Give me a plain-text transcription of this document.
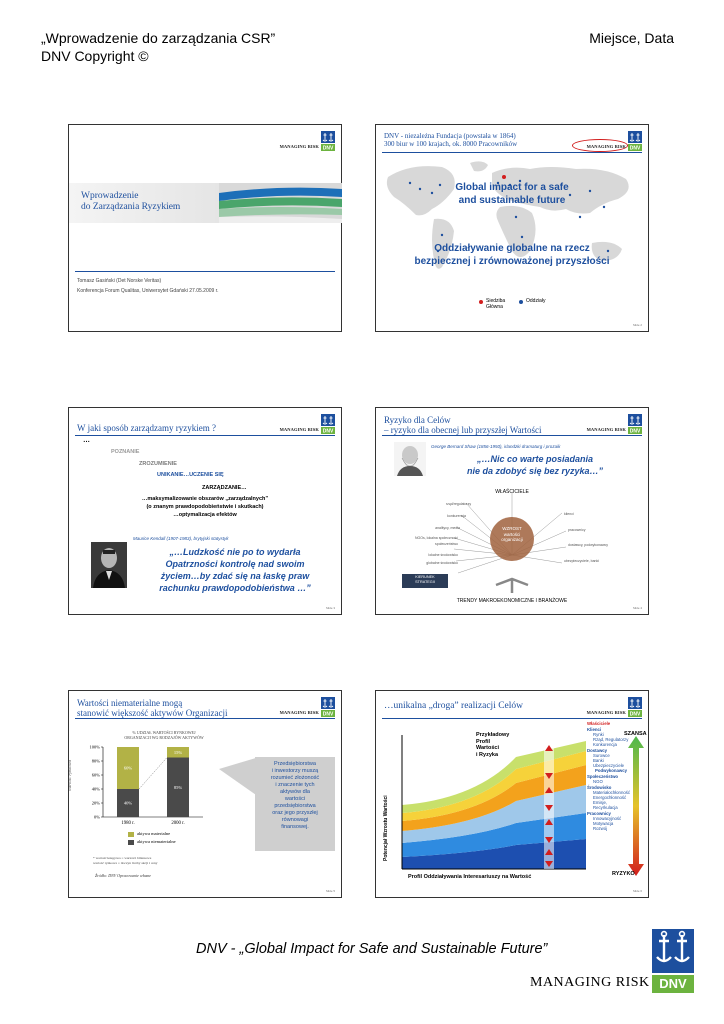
„Wprowadzenie do zarządzania CSR”
DNV Copyright ©
Miejsce, Data
MANAGING RISK DNV
Wprowadzenie
do Zarządzania Ryzykiem
Tomasz Gasiński (Det Norske Veritas)
Konferencja Forum Qualitas, Uniwersytet Gdański 27.05.2009 r.
DNV - niezależna Fundacja (powstała w 1864)
300 biur w 100 krajach, ok. 8000 Pracowników	MANAGING RISK DNV
Global impact for a safe
and sustainable future
Oddziaływanie globalne na rzecz
bezpiecznej i zrównoważonej przyszłości
Siedziba
Główna
Oddziały
Slide 2
W jaki sposób zarządzamy ryzykiem ?	MANAGING RISK DNV
…
POZNANIE
ZROZUMIENIE
UNIKANIE…UCZENIE SIĘ
ZARZĄDZANIE…
…maksymalizowanie obszarów „zarządzalnych”
(o znanym prawdopodobieństwie i skutkach)
…optymalizacja efektów
Maurice Kendall (1907-1983), brytyjski statystyk
„…Ludzkość nie po to wydarła
Opatrzności kontrolę nad swoim
życiem…by zdać się na łaskę praw
rachunku prawdopodobieństwa …”
Slide 3
Ryzyko dla Celów
– ryzyko dla obecnej lub przyszłej Wartości	MANAGING RISK DNV
George Bernard Shaw (1856-1950), irlandzki dramaturg i prozaik
„…Nic co warte posiadania
nie da zdobyć się bez ryzyka…”
WŁAŚCICIELE
WZROST
wartości
organizacji
rząd/regulatorzy
konkurencja
analitycy, media
NGOs, lokalna społeczność
społeczeństwo
lokalne środowisko
globalne środowisko
klienci
pracownicy
dostawcy, podwykonawcy
ubezpieczyciele, banki
KIERUNEK
STRATEGII
TRENDY MAKROEKONOMICZNE I BRANŻOWE
Slide 4
Wartości niematerialne mogą
stanowić większość aktywów Organizacji	MANAGING RISK DNV
% UDZIAŁ WARTOŚCI RYNKOWEJ
ORGANIZACJI WG RODZAJÓW AKTYWÓW
0%
20%
40%
60%
80%
100%
60%
40%
1980 r.
15%
85%
2000 r.
wartość rynkowa
aktywa materialne
aktywa niematerialne
* wartość księgowa = wartości bilansowe
wartość rynkowa = iloczyn liczby akcji i ceny
Źródło: DNV Opracowanie własne
Przedsiębiorstwa
i inwestorzy muszą
rozumieć złożoność
i znaczenie tych
aktywów dla
wartości
przedsiębiorstwa
oraz jego przyszłej
równowagi
finansowej.
Slide 5
…unikalna „droga” realizacji Celów
MANAGING RISK DNV
Przykładowy
Profil
Wartości
i Ryzyka
Potencjał Wzrostu Wartości
Profil Oddziaływania Interesariuszy na Wartość
SZANSA
RYZYKO
Właściciele
Klienci
Rynki
Rząd, Regulatorzy
Konkurencja
Dostawcy
Surowce
Banki
Ubezpieczyciele
Podwykonawcy
Społeczeństwo
NGO
Środowisko
Materiałochłonność
Energochłonność
Emisje, Recyrkulacja
Pracownicy
Innowacyjność
Motywacja
Rozwój
Slide 6
DNV - „Global Impact for Safe and Sustainable Future”
MANAGING RISK DNV
